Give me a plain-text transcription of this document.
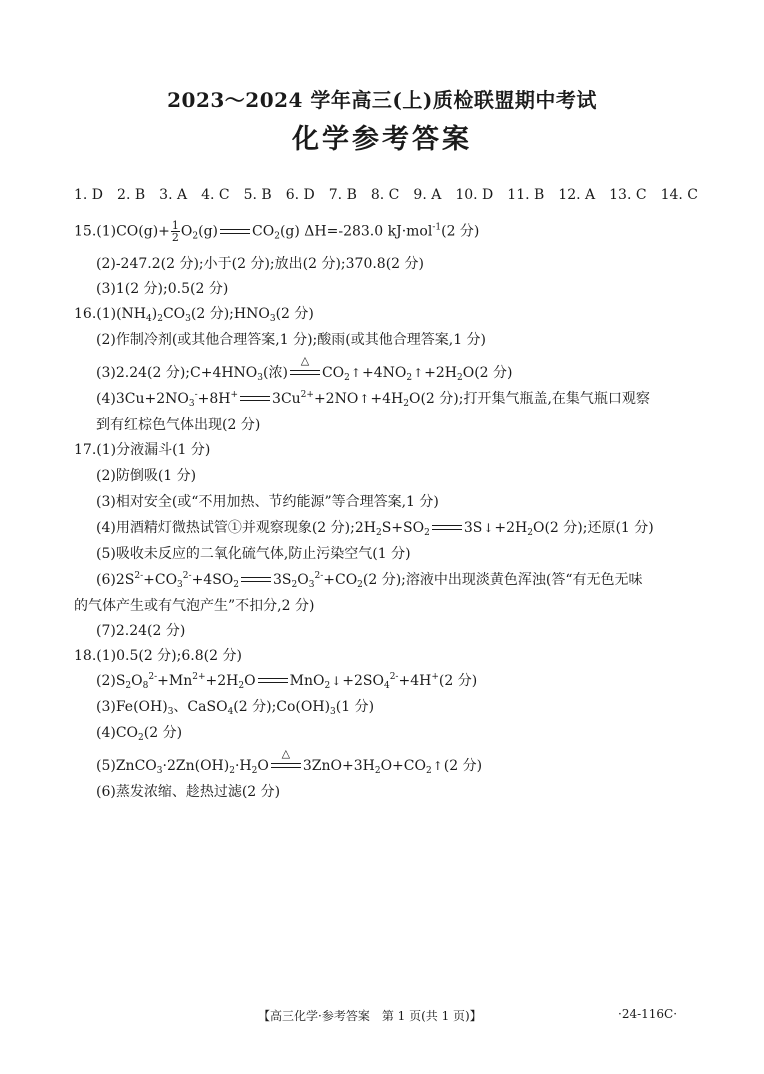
2023～2024 学年高三(上)质检联盟期中考试
化学参考答案
1. D 2. B 3. A 4. C 5. B 6. D 7. B 8. C 9. A 10. D 11. B 12. A 13. C 14. C
$15.(1)CO(g)+ \frac{1}{2} O_2(g)$ $CO_2(g)$ ΔH=-283.0 kJ·mol$^{-1}$(2 分)
(2)-247.2(2 分);小于(2 分);放出(2 分);370.8(2 分)
(3)1(2 分);0.5(2 分)
$16.(1)(NH_4)_2CO_3(2$ 分)$;HNO_3(2$ 分)
(2)作制冷剂(或其他合理答案,1 分);酸雨(或其他合理答案,1 分)
(3)2.24(2 分)$;C+4HNO_3$(浓)
△
$CO_2↑+4NO_2↑+2H_2O(2$ 分)
$(4)3Cu+2NO_3^-+8H^+$ $3Cu^{2+}+2NO↑+4H_2O(2$ 分);打开集气瓶盖,在集气瓶口观察
到有红棕色气体出现(2 分)
17.(1)分液漏斗(1 分)
(2)防倒吸(1 分)
(3)相对安全(或“不用加热、节约能源”等合理答案,1 分)
(4)用酒精灯微热试管①并观察现象(2 分)$;2H_2S+SO_2$ $3S↓+2H_2O(2$ 分);还原(1 分)
(5)吸收未反应的二氧化硫气体,防止污染空气(1 分)
$(6)2S^{2-}+CO_3^{2-}+4SO_2$ $3S_2O_3^{2-}+CO_2(2$ 分);溶液中出现淡黄色浑浊(答“有无色无味
的气体产生或有气泡产生”不扣分,2 分)
(7)2.24(2 分)
18.(1)0.5(2 分);6.8(2 分)
$(2)S_2O_8^{2-}+Mn^{2+}+2H_2O$ $MnO_2↓+2SO_4^{2-}+4H^+(2$ 分)
$(3)Fe(OH)_3$、CaSO$_4$(2 分)$;Co(OH)_3(1$ 分)
$(4)CO_2(2$ 分)
$(5)ZnCO_3\cdot 2Zn(OH)_2\cdot H_2O$
△
$3ZnO+3H_2O+CO_2↑(2$ 分)
(6)蒸发浓缩、趁热过滤(2 分)
【高三化学·参考答案　第 1 页(共 1 页)】	·24-116C·
